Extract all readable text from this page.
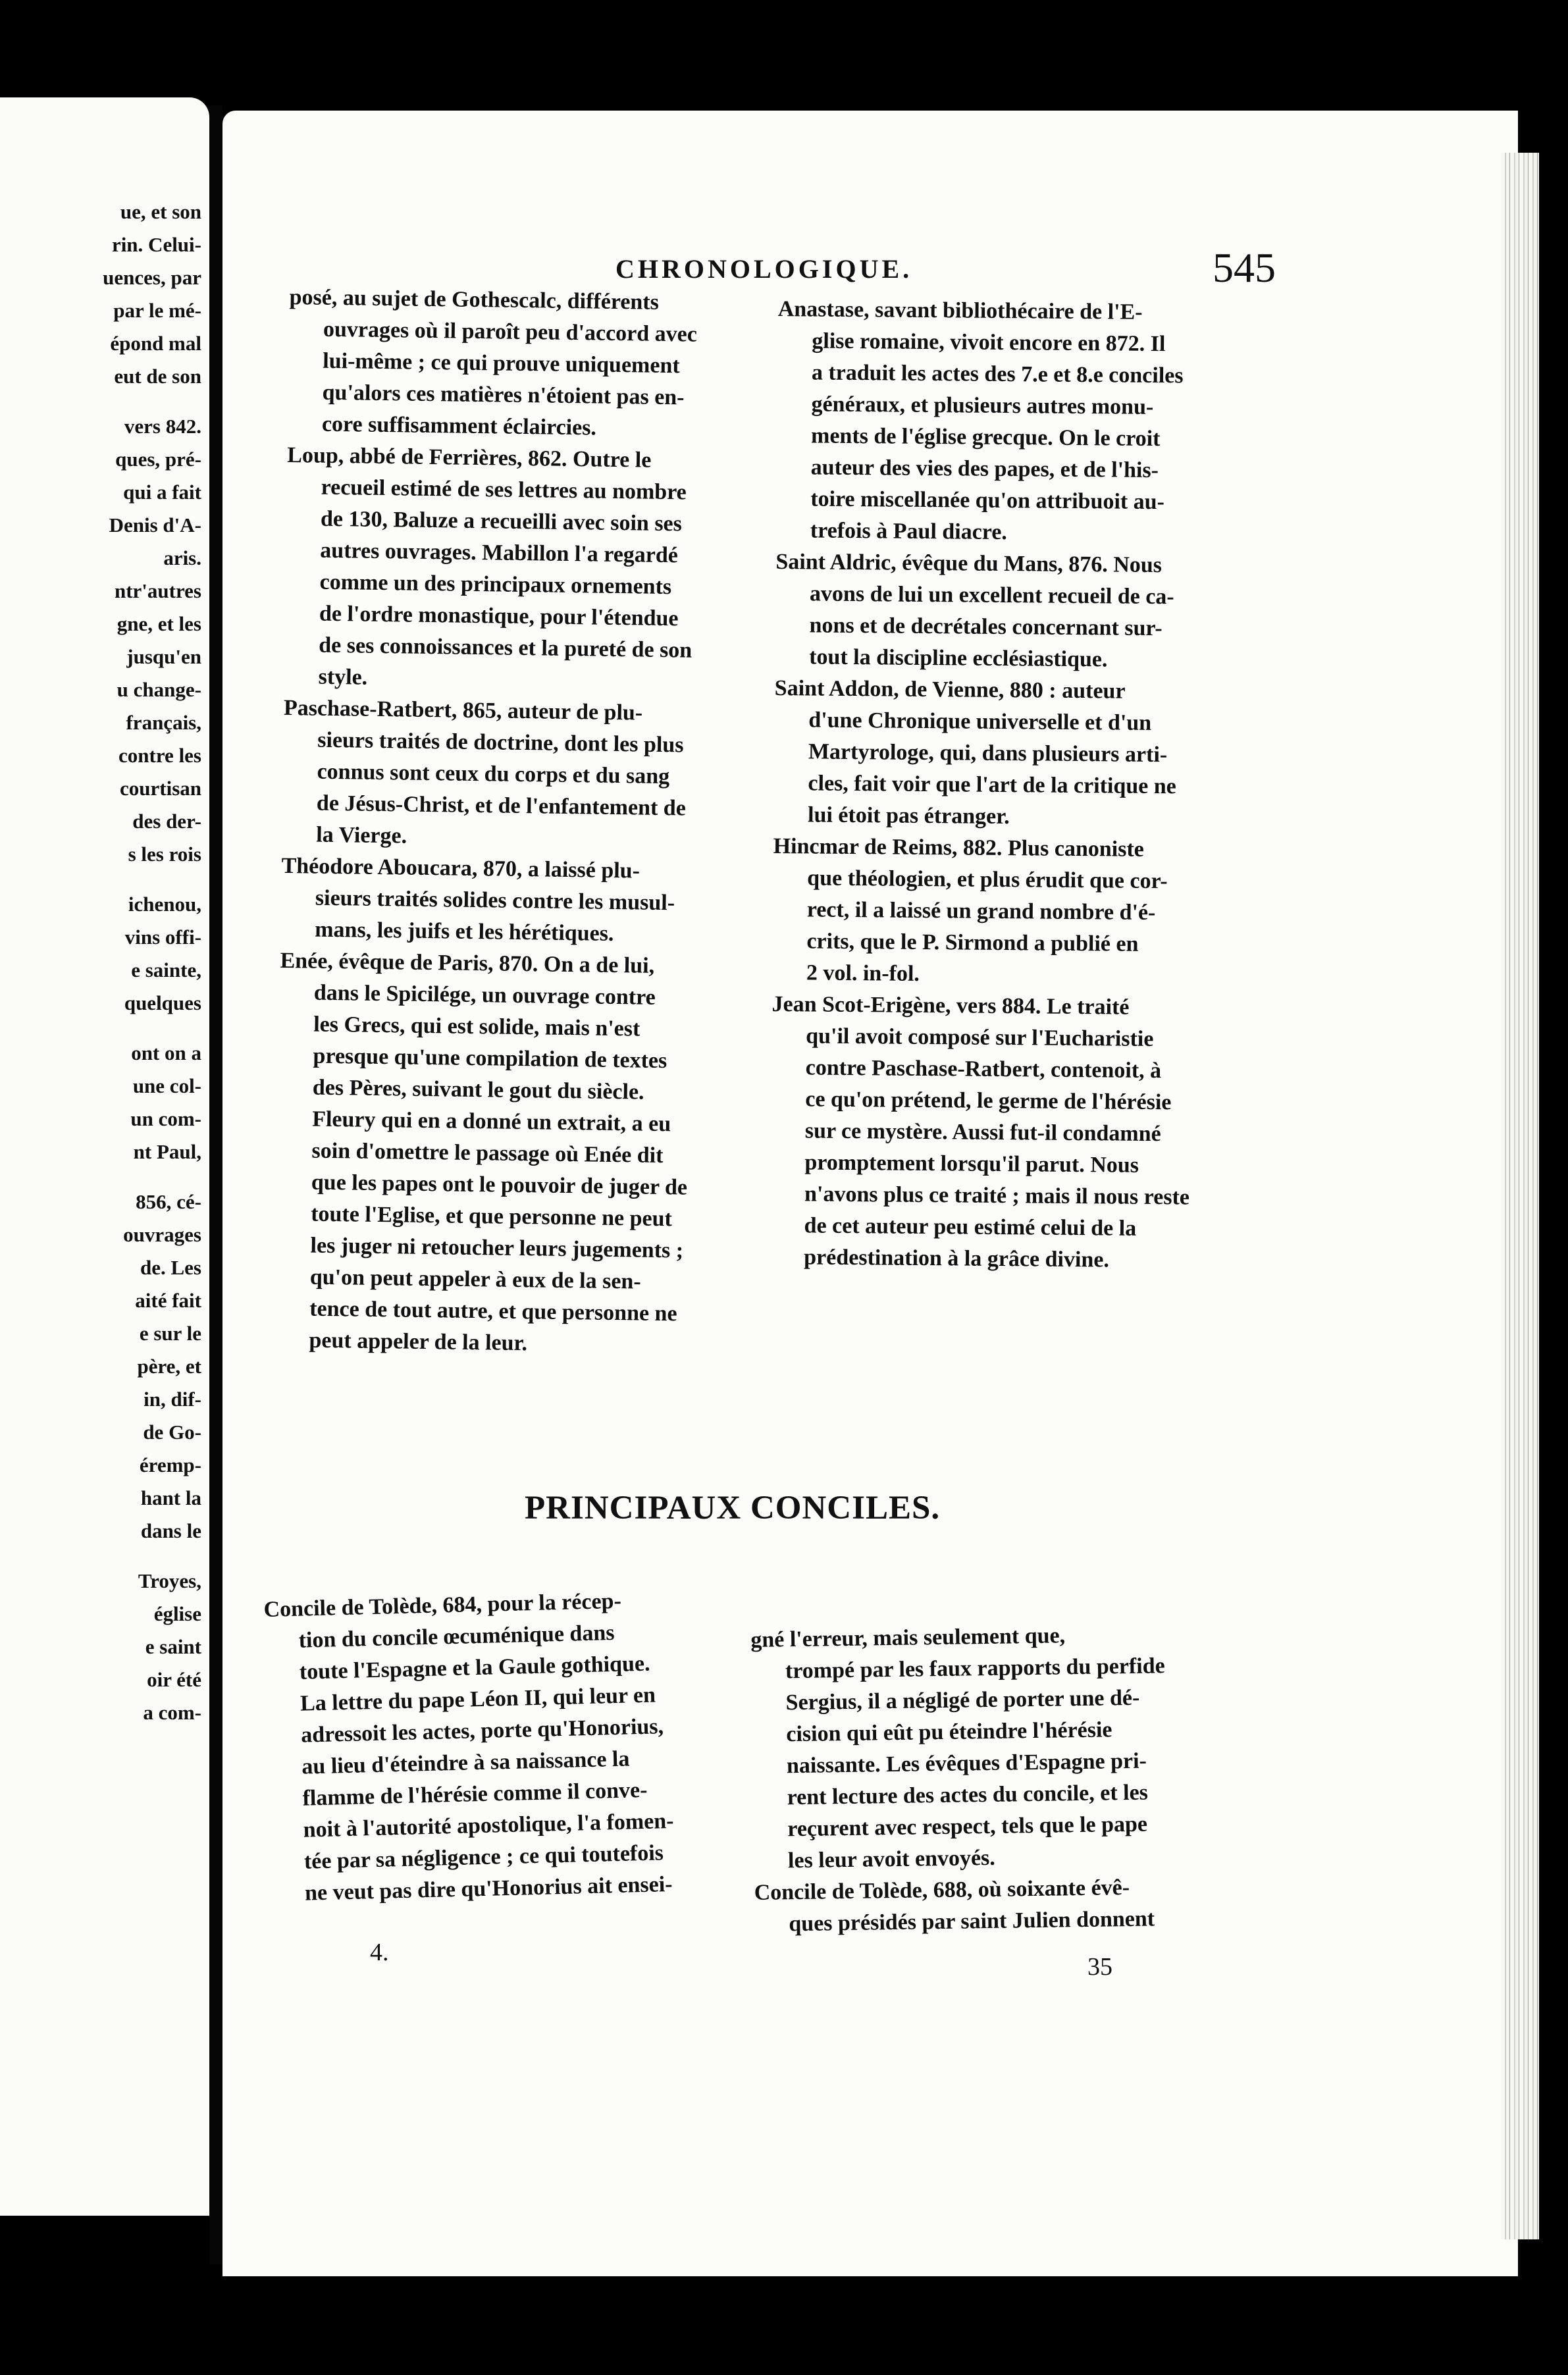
ue, et son
rin. Celui-
uences, par
par le mé-
épond mal
eut de son
vers 842.
ques, pré-
qui a fait
Denis d'A-
aris.
ntr'autres
gne, et les
jusqu'en
u change-
français,
contre les
courtisan
des der-
s les rois
ichenou,
vins offi-
e sainte,
quelques
ont on a
une col-
un com-
nt Paul,
856, cé-
ouvrages
de. Les
aité fait
e sur le
père, et
in, dif-
de Go-
éremp-
hant la
dans le
Troyes,
église
e saint
oir été
a com-
CHRONOLOGIQUE.	545
posé, au sujet de Gothescalc, différents
ouvrages où il paroît peu d'accord avec
lui-même ; ce qui prouve uniquement
qu'alors ces matières n'étoient pas en-
core suffisamment éclaircies.
Loup, abbé de Ferrières, 862. Outre le
recueil estimé de ses lettres au nombre
de 130, Baluze a recueilli avec soin ses
autres ouvrages. Mabillon l'a regardé
comme un des principaux ornements
de l'ordre monastique, pour l'étendue
de ses connoissances et la pureté de son
style.
Paschase-Ratbert, 865, auteur de plu-
sieurs traités de doctrine, dont les plus
connus sont ceux du corps et du sang
de Jésus-Christ, et de l'enfantement de
la Vierge.
Théodore Aboucara, 870, a laissé plu-
sieurs traités solides contre les musul-
mans, les juifs et les hérétiques.
Enée, évêque de Paris, 870. On a de lui,
dans le Spicilége, un ouvrage contre
les Grecs, qui est solide, mais n'est
presque qu'une compilation de textes
des Pères, suivant le gout du siècle.
Fleury qui en a donné un extrait, a eu
soin d'omettre le passage où Enée dit
que les papes ont le pouvoir de juger de
toute l'Eglise, et que personne ne peut
les juger ni retoucher leurs jugements ;
qu'on peut appeler à eux de la sen-
tence de tout autre, et que personne ne
peut appeler de la leur.
Anastase, savant bibliothécaire de l'E-
glise romaine, vivoit encore en 872. Il
a traduit les actes des 7.e et 8.e conciles
généraux, et plusieurs autres monu-
ments de l'église grecque. On le croit
auteur des vies des papes, et de l'his-
toire miscellanée qu'on attribuoit au-
trefois à Paul diacre.
Saint Aldric, évêque du Mans, 876. Nous
avons de lui un excellent recueil de ca-
nons et de decrétales concernant sur-
tout la discipline ecclésiastique.
Saint Addon, de Vienne, 880 : auteur
d'une Chronique universelle et d'un
Martyrologe, qui, dans plusieurs arti-
cles, fait voir que l'art de la critique ne
lui étoit pas étranger.
Hincmar de Reims, 882. Plus canoniste
que théologien, et plus érudit que cor-
rect, il a laissé un grand nombre d'é-
crits, que le P. Sirmond a publié en
2 vol. in-fol.
Jean Scot-Erigène, vers 884. Le traité
qu'il avoit composé sur l'Eucharistie
contre Paschase-Ratbert, contenoit, à
ce qu'on prétend, le germe de l'hérésie
sur ce mystère. Aussi fut-il condamné
promptement lorsqu'il parut. Nous
n'avons plus ce traité ; mais il nous reste
de cet auteur peu estimé celui de la
prédestination à la grâce divine.
PRINCIPAUX CONCILES.
Concile de Tolède, 684, pour la récep-
tion du concile œcuménique dans
toute l'Espagne et la Gaule gothique.
La lettre du pape Léon II, qui leur en
adressoit les actes, porte qu'Honorius,
au lieu d'éteindre à sa naissance la
flamme de l'hérésie comme il conve-
noit à l'autorité apostolique, l'a fomen-
tée par sa négligence ; ce qui toutefois
ne veut pas dire qu'Honorius ait ensei-
gné l'erreur, mais seulement que,
trompé par les faux rapports du perfide
Sergius, il a négligé de porter une dé-
cision qui eût pu éteindre l'hérésie
naissante. Les évêques d'Espagne pri-
rent lecture des actes du concile, et les
reçurent avec respect, tels que le pape
les leur avoit envoyés.
Concile de Tolède, 688, où soixante évê-
ques présidés par saint Julien donnent
4.
35
